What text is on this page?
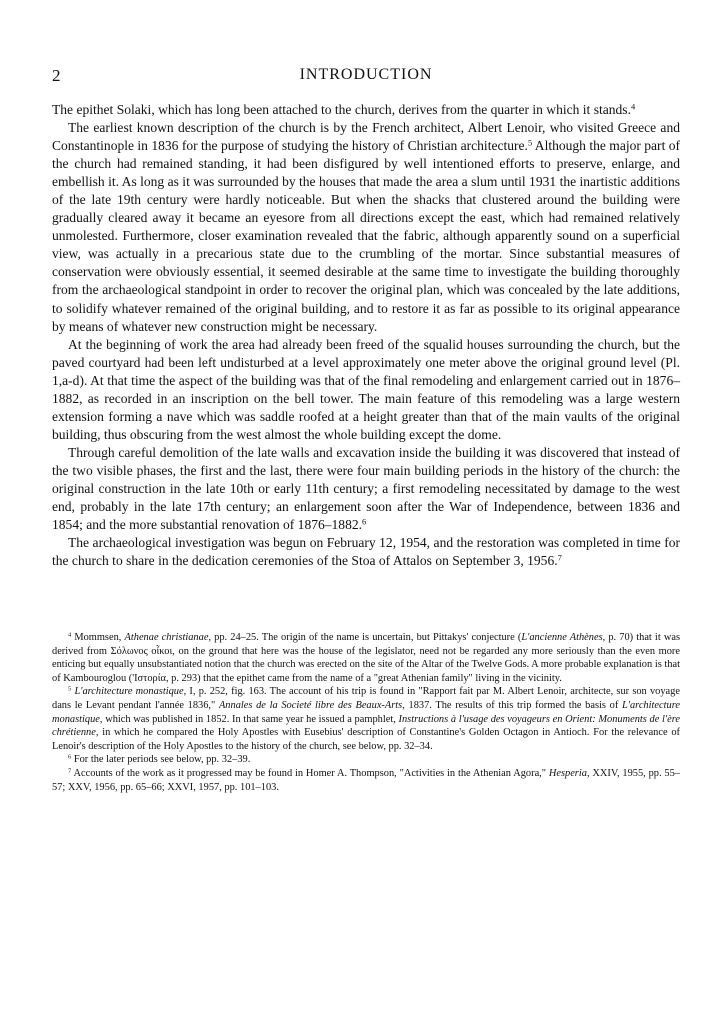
2	INTRODUCTION

The epithet Solaki, which has long been attached to the church, derives from the quarter in which it stands.$^4$

The earliest known description of the church is by the French architect, Albert Lenoir, who visited Greece and Constantinople in 1836 for the purpose of studying the history of Christian architecture.$^5$ Although the major part of the church had remained standing, it had been disfigured by well intentioned efforts to preserve, enlarge, and embellish it. As long as it was surrounded by the houses that made the area a slum until 1931 the inartistic additions of the late 19th century were hardly noticeable. But when the shacks that clustered around the building were gradually cleared away it became an eyesore from all directions except the east, which had remained relatively unmolested. Furthermore, closer examination revealed that the fabric, although apparently sound on a superficial view, was actually in a precarious state due to the crumbling of the mortar. Since substantial measures of conservation were obviously essential, it seemed desirable at the same time to investigate the building thoroughly from the archaeological standpoint in order to recover the original plan, which was concealed by the late additions, to solidify whatever remained of the original building, and to restore it as far as possible to its original appearance by means of whatever new construction might be necessary.

At the beginning of work the area had already been freed of the squalid houses surrounding the church, but the paved courtyard had been left undisturbed at a level approximately one meter above the original ground level (Pl. 1,a-d). At that time the aspect of the building was that of the final remodeling and enlargement carried out in 1876–1882, as recorded in an inscription on the bell tower. The main feature of this remodeling was a large western extension forming a nave which was saddle roofed at a height greater than that of the main vaults of the original building, thus obscuring from the west almost the whole building except the dome.

Through careful demolition of the late walls and excavation inside the building it was discovered that instead of the two visible phases, the first and the last, there were four main building periods in the history of the church: the original construction in the late 10th or early 11th century; a first remodeling necessitated by damage to the west end, probably in the late 17th century; an enlargement soon after the War of Independence, between 1836 and 1854; and the more substantial renovation of 1876–1882.$^6$

The archaeological investigation was begun on February 12, 1954, and the restoration was completed in time for the church to share in the dedication ceremonies of the Stoa of Attalos on September 3, 1956.$^7$

$^4$ Mommsen, Athenae christianae, pp. 24–25. The origin of the name is uncertain, but Pittakys' conjecture (L'ancienne Athènes, p. 70) that it was derived from Σόλωνος οἶκοι, on the ground that here was the house of the legislator, need not be regarded any more seriously than the even more enticing but equally unsubstantiated notion that the church was erected on the site of the Altar of the Twelve Gods. A more probable explanation is that of Kambouroglou ('Ιστορία, p. 293) that the epithet came from the name of a "great Athenian family" living in the vicinity.

$^5$ L'architecture monastique, I, p. 252, fig. 163. The account of his trip is found in "Rapport fait par M. Albert Lenoir, architecte, sur son voyage dans le Levant pendant l'année 1836," Annales de la Societé libre des Beaux-Arts, 1837. The results of this trip formed the basis of L'architecture monastique, which was published in 1852. In that same year he issued a pamphlet, Instructions à l'usage des voyageurs en Orient: Monuments de l'ère chrétienne, in which he compared the Holy Apostles with Eusebius' description of Constantine's Golden Octagon in Antioch. For the relevance of Lenoir's description of the Holy Apostles to the history of the church, see below, pp. 32–34.

$^6$ For the later periods see below, pp. 32–39.

$^7$ Accounts of the work as it progressed may be found in Homer A. Thompson, "Activities in the Athenian Agora," Hesperia, XXIV, 1955, pp. 55–57; XXV, 1956, pp. 65–66; XXVI, 1957, pp. 101–103.
